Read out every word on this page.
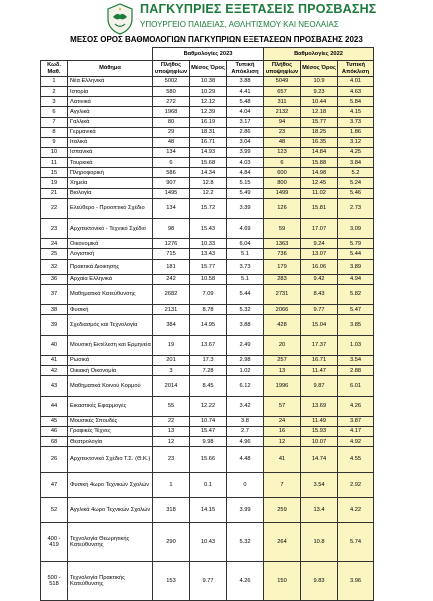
ΠΑΓΚΥΠΡΙΕΣ ΕΞΕΤΑΣΕΙΣ ΠΡΟΣΒΑΣΗΣ
ΥΠΟΥΡΓΕΙΟ ΠΑΙΔΕΙΑΣ, ΑΘΛΗΤΙΣΜΟΥ ΚΑΙ ΝΕΟΛΑΙΑΣ
ΜΕΣΟΣ ΟΡΟΣ ΒΑΘΜΟΛΟΓΙΩΝ ΠΑΓΚΥΠΡΙΩΝ ΕΞΕΤΑΣΕΩΝ ΠΡΟΣΒΑΣΗΣ 2023
		Βαθμολογίες 2023			Βαθμολογίες 2022		
Κωδ. Μαθ.	Μάθημα	Πλήθος υποψηφίων	Μέσος Όρος	Τυπική Απόκλιση	Πλήθος υποψηφίων	Μέσος Όρος	Τυπική Απόκλιση
1	Νέα Ελληνικά	5002	10.38	3.88	5049	10.9	4.01
2	Ιστορία	580	10.29	4.41	657	9.23	4.63
3	Λατινικά	272	12.12	5.48	311	10.44	5.84
6	Αγγλικά	1968	12.39	4.04	2132	12.18	4.15
7	Γαλλικά	80	16.19	3.17	94	15.77	3.73
8	Γερμανικά	29	18.31	2.86	23	18.25	1.86
9	Ιταλικά	48	16.71	3.04	48	16.35	3.12
10	Ισπανικά	134	14.93	3.99	123	14.84	4.25
11	Τουρκικά	6	15.68	4.03	6	15.88	3.84
15	Πληροφορική	586	14.34	4.84	600	14.98	5.2
19	Χημεία	907	12.8	5.15	800	12.45	5.24
21	Βιολογία	1495	12.2	5.49	1499	11.02	5.46
22	Ελεύθερο - Προοπτικό Σχέδιο	134	15.72	3.39	126	15.81	2.73
23	Αρχιτεκτονικό - Τεχνικό Σχέδιο	98	15.43	4.69	59	17.07	3.09
24	Οικονομικά	1276	10.33	6.04	1363	9.24	5.79
25	Λογιστική	715	13.43	5.1	736	13.07	5.44
32	Πρακτικά Διοικησης	181	15.77	3.73	179	16.06	3.89
36	Αρχαία Ελληνικά	242	10.58	5.1	283	9.42	4.94
37	Μαθηματικά Κατεύθυνσης	2682	7.09	5.44	2731	8.43	5.82
38	Φυσική	2131	8.78	5.32	2066	9.77	5.47
39	Σχεδιασμός και Τεχνολογία	384	14.95	3.88	428	15.04	3.85
40	Μουσική Εκτέλεση και Ερμηνεία	19	13.67	2.49	20	17.37	1.03
41	Ρωσικά	201	17.3	2.98	257	16.71	3.54
42	Οικιακή Οικονομία	3	7.28	1.02	13	11.47	2.88
43	Μαθηματικά Κοινού Κορμού	2014	8.45	6.12	1996	9.87	6.01
44	Εικαστικές Εφαρμογές	55	12.22	3.42	57	13.69	4.26
45	Μουσικές Σπουδές	22	10.74	3.8	24	11.49	3.87
46	Γραφικές Τέχνες	13	15.47	2.7	16	15.93	4.17
68	Θεατρολογία	12	9.98	4.96	12	10.07	4.92
26	Αρχιτεκτονικό Σχέδιο Τ.Σ. (Θ.Κ.)	23	15.66	4.48	41	14.74	4.55
47	Φυσική 4ωρο Τεχνικών Σχολών	1	0.1	0	7	3.54	2.92
52	Αγγλικά 4ωρο Τεχνικών Σχολών	318	14.15	3.99	259	13.4	4.22
400 - 419	Τεχνολογία Θεωρητικής Κατεύθυνσης	290	10.43	5.32	264	10.8	5.74
500 - 518	Τεχνολογία Πρακτικής Κατεύθυνσης	153	9.77	4.26	150	9.83	3.96
